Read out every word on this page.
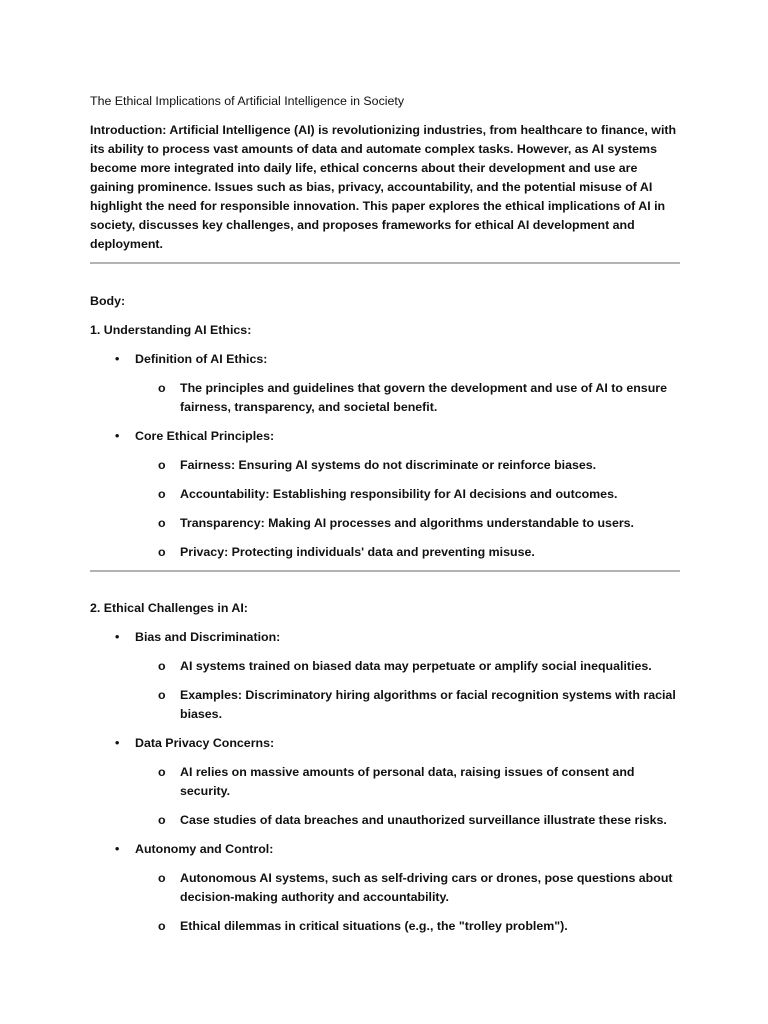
The Ethical Implications of Artificial Intelligence in Society

Introduction: Artificial Intelligence (AI) is revolutionizing industries, from healthcare to finance, with its ability to process vast amounts of data and automate complex tasks. However, as AI systems become more integrated into daily life, ethical concerns about their development and use are gaining prominence. Issues such as bias, privacy, accountability, and the potential misuse of AI highlight the need for responsible innovation. This paper explores the ethical implications of AI in society, discusses key challenges, and proposes frameworks for ethical AI development and deployment.

Body:

1. Understanding AI Ethics:

• Definition of AI Ethics:
o The principles and guidelines that govern the development and use of AI to ensure fairness, transparency, and societal benefit.
• Core Ethical Principles:
o Fairness: Ensuring AI systems do not discriminate or reinforce biases.
o Accountability: Establishing responsibility for AI decisions and outcomes.
o Transparency: Making AI processes and algorithms understandable to users.
o Privacy: Protecting individuals' data and preventing misuse.

2. Ethical Challenges in AI:

• Bias and Discrimination:
o AI systems trained on biased data may perpetuate or amplify social inequalities.
o Examples: Discriminatory hiring algorithms or facial recognition systems with racial biases.
• Data Privacy Concerns:
o AI relies on massive amounts of personal data, raising issues of consent and security.
o Case studies of data breaches and unauthorized surveillance illustrate these risks.
• Autonomy and Control:
o Autonomous AI systems, such as self-driving cars or drones, pose questions about decision-making authority and accountability.
o Ethical dilemmas in critical situations (e.g., the "trolley problem").
